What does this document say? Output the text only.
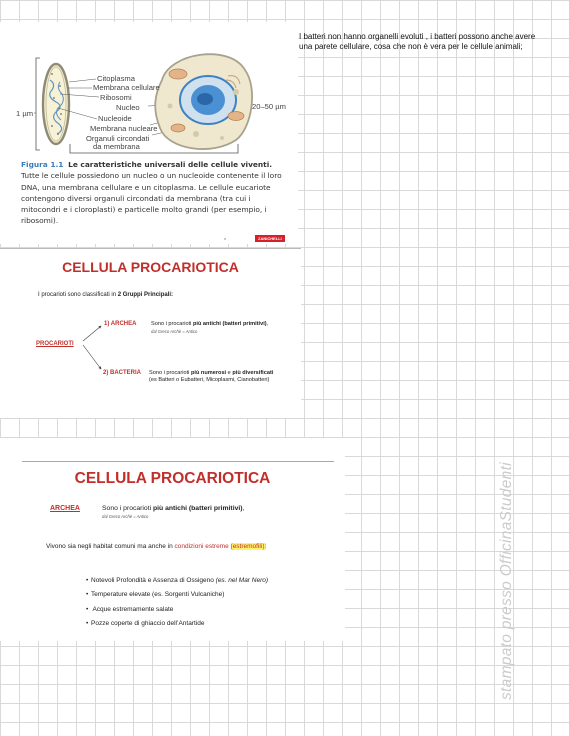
Citoplasma
Membrana cellulare
Ribosomi
Nucleo
Nucleoide
Membrana nucleare
Organuli circondati
da membrana
1 µm
20–50 µm
Figura 1.1 Le caratteristiche universali delle cellule viventi. Tutte le cellule possiedono un nucleo o un nucleoide contenente il loro DNA, una membrana cellulare e un citoplasma. Le cellule eucariote contengono diversi organuli circondati da membrana (tra cui i mitocondri e i cloroplasti) e particelle molto grandi (per esempio, i ribosomi).
n	ZANICHELLI
I batteri non hanno organelli evoluti , i batteri possono anche avere una parete cellulare, cosa che non è vera per le cellule animali;
CELLULA PROCARIOTICA
I procarioti sono classificati in 2 Gruppi Principali:
PROCARIOTI
1) ARCHEA	Sono i procarioti più antichi (batteri primitivi),
dal Greco Archè = Antico
2) BACTERIA Sono i procarioti più numerosi e più diversificati
(es Batteri o Eubatteri, Micoplasmi, Cianobatteri)
CELLULA PROCARIOTICA
ARCHEA	Sono i procarioti più antichi (batteri primitivi),
dal Greco Archè = Antico
Vivono sia negli habitat comuni ma anche in condizioni estreme (estremofili):
• Notevoli Profondità e Assenza di Ossigeno (es. nel Mar Nero)
• Temperature elevate (es. Sorgenti Vulcaniche)
• Acque estremamente salate
• Pozze coperte di ghiaccio dell’Antartide	stampato presso OfficinaStudenti
